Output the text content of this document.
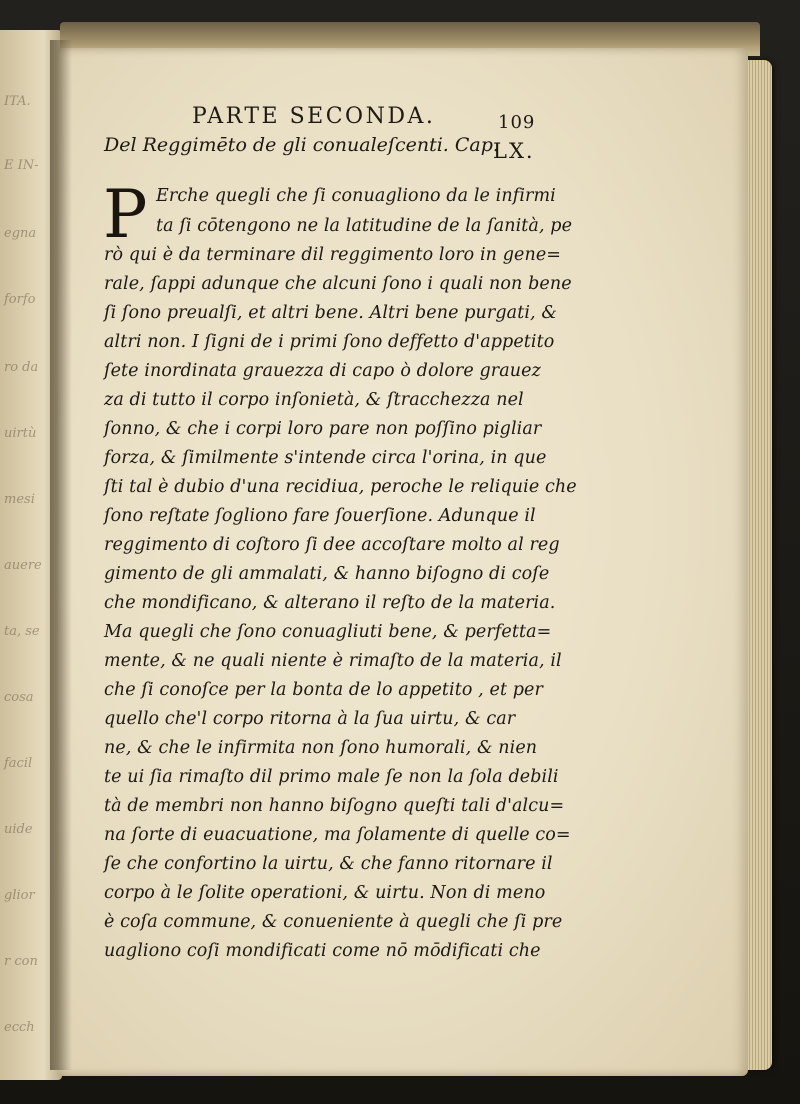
ITA.
E IN-
egna
forfo
ro da
uirtù
mesi
auere
ta, se
cosa
facil
uide
glior
r con
ecch
PARTE SECONDA.	109
Del Reggimēto de gli conualeſcenti. Cap.
LX.
P Erche quegli che ſi conuagliono da le infirmi
ta ſi cōtengono ne la latitudine de la ſanità, pe
rò qui è da terminare dil reggimento loro in gene=
rale, ſappi adunque che alcuni ſono i quali non bene
ſi ſono preualſi, et altri bene. Altri bene purgati, &
altri non. I ſigni de i primi ſono deffetto d'appetito
ſete inordinata grauezza di capo ò dolore grauez
za di tutto il corpo inſonietà, & ſtracchezza nel
ſonno, & che i corpi loro pare non poſſino pigliar
forza, & ſimilmente s'intende circa l'orina, in que
ſti tal è dubio d'una recidiua, peroche le reliquie che
ſono reſtate ſogliono fare ſouerſione. Adunque il
reggimento di coſtoro ſi dee accoſtare molto al reg
gimento de gli ammalati, & hanno biſogno di coſe
che mondificano, & alterano il reſto de la materia.
Ma quegli che ſono conuagliuti bene, & perfetta=
mente, & ne quali niente è rimaſto de la materia, il
che ſi conoſce per la bonta de lo appetito , et per
quello che'l corpo ritorna à la ſua uirtu, & car
ne, & che le infirmita non ſono humorali, & nien
te ui ſia rimaſto dil primo male ſe non la ſola debili
tà de membri non hanno biſogno queſti tali d'alcu=
na ſorte di euacuatione, ma ſolamente di quelle co=
ſe che confortino la uirtu, & che fanno ritornare il
corpo à le ſolite operationi, & uirtu. Non di meno
è coſa commune, & conueniente à quegli che ſi pre
uagliono coſi mondificati come nō mōdificati che
